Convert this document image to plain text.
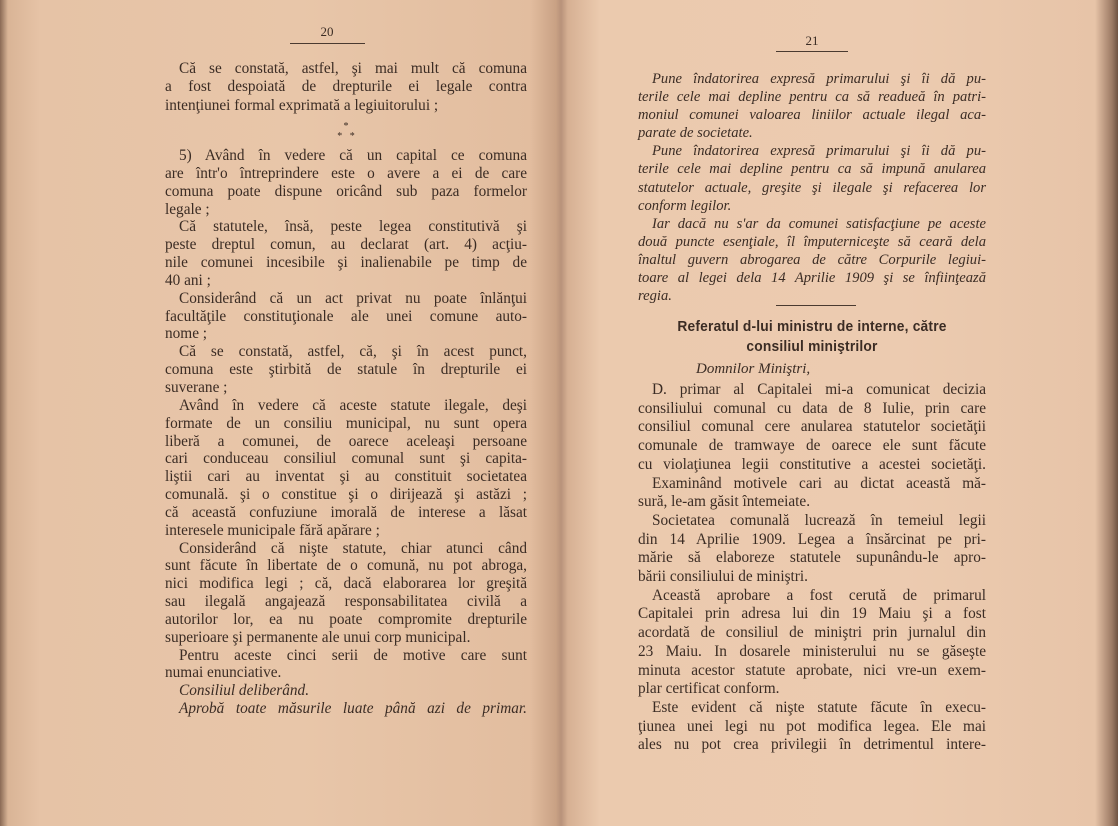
20
Că se constată, astfel, şi mai mult că comuna
a fost despoiată de drepturile ei legale contra
intenţiunei formal exprimată a legiuitorului ;
*
*   *
5) Având în vedere că un capital ce comuna
are într'o întreprindere este o avere a ei de care
comuna poate dispune oricând sub paza formelor
legale ;
Că statutele, însă, peste legea constitutivă şi
peste dreptul comun, au declarat (art. 4) acţiu-
nile comunei incesibile şi inalienabile pe timp de
40 ani ;
Considerând că un act privat nu poate înlănţui
facultăţile constituţionale ale unei comune auto-
nome ;
Că se constată, astfel, că, şi în acest punct,
comuna este ştirbită de statule în drepturile ei
suverane ;
Având în vedere că aceste statute ilegale, deşi
formate de un consiliu municipal, nu sunt opera
liberă a comunei, de oarece aceleaşi persoane
cari conduceau consiliul comunal sunt şi capita-
liştii cari au inventat şi au constituit societatea
comunală. şi o constitue şi o dirijează şi astăzi ;
că această confuziune imorală de interese a lăsat
interesele municipale fără apărare ;
Considerând că nişte statute, chiar atunci când
sunt făcute în libertate de o comună, nu pot abroga,
nici modifica legi ; că, dacă elaborarea lor greşită
sau ilegală angajează responsabilitatea civilă a
autorilor lor, ea nu poate compromite drepturile
superioare şi permanente ale unui corp municipal.
Pentru aceste cinci serii de motive care sunt
numai enunciative.
Consiliul deliberând.
Aprobă toate măsurile luate până azi de primar.
21
Pune îndatorirea expresă primarului şi îi dă pu-
terile cele mai depline pentru ca să readueă în patri-
moniul comunei valoarea liniilor actuale ilegal aca-
parate de societate.
Pune îndatorirea expresă primarului şi îi dă pu-
terile cele mai depline pentru ca să impună anularea
statutelor actuale, greşite şi ilegale şi refacerea lor
conform legilor.
Iar dacă nu s'ar da comunei satisfacţiune pe aceste
două puncte esenţiale, îl împuterniceşte să ceară dela
înaltul guvern abrogarea de către Corpurile legiui-
toare al legei dela 14 Aprilie 1909 şi se înfiinţează
regia.
Referatul d-lui ministru de interne, către
consiliul miniştrilor
Domnilor Miniştri,
D. primar al Capitalei mi-a comunicat decizia
consiliului comunal cu data de 8 Iulie, prin care
consiliul comunal cere anularea statutelor societăţii
comunale de tramwaye de oarece ele sunt făcute
cu violaţiunea legii constitutive a acestei societăţi.
Examinând motivele cari au dictat această mă-
sură, le-am găsit întemeiate.
Societatea comunală lucrează în temeiul legii
din 14 Aprilie 1909. Legea a însărcinat pe pri-
mărie să elaboreze statutele supunându-le apro-
bării consiliului de miniştri.
Această aprobare a fost cerută de primarul
Capitalei prin adresa lui din 19 Maiu şi a fost
acordată de consiliul de miniştri prin jurnalul din
23 Maiu. In dosarele ministerului nu se găseşte
minuta acestor statute aprobate, nici vre-un exem-
plar certificat conform.
Este evident că nişte statute făcute în execu-
ţiunea unei legi nu pot modifica legea. Ele mai
ales nu pot crea privilegii în detrimentul intere-
